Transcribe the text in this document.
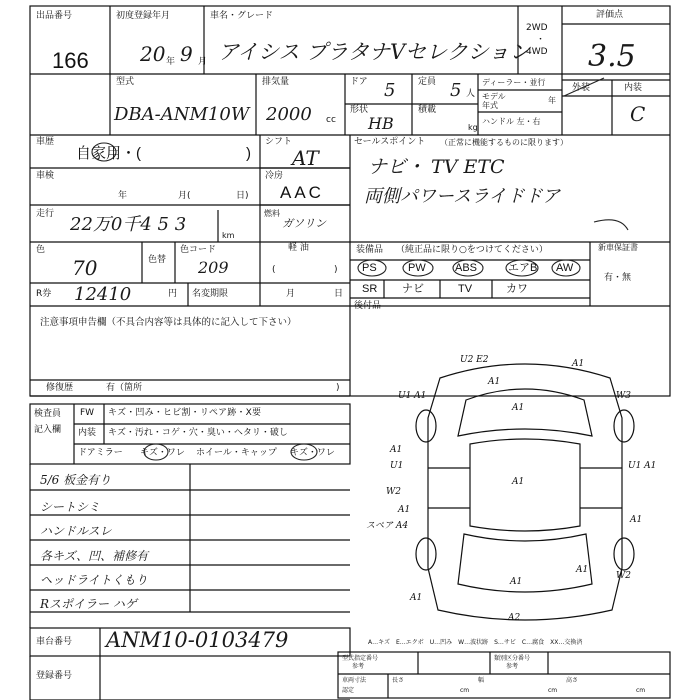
出品番号
166
初度登録年月
20 年 9 月
車名・グレード
アイシス プラタナVセレクション
2WD
・
4WD
評価点
3.5
外装	内装
C
型式
DBA-ANM10W
排気量
2000 cc
ドア 5	定員 5 人
形状
HB
積載
kg
ディーラー・並行
モデル
年式
年
ハンドル 左・右
車歴
自家用・(	)
シフト
AT
セールスポイント （正常に機能するものに限ります）
ナビ・ TV ETC
両側パワースライドドア
車検
年	月(	日)
冷房
AAC
走行 22万0千4 5 3
km
燃料
ガソリン
軽 油
(	)
色
70	色替
色コード
209
装備品 （純正品に限り○をつけてください）	新車保証書
有・無
PS	PW	ABS	エアB AW
SR ナビ	TV	カワ
R券 12410	円 名変期限	月	日
後付品
注意事項申告欄（不具合内容等は具体的に記入して下さい）
修復歴	有（箇所	)
検査員
記入欄
FW キズ・凹み・ヒビ割・リペア跡・X要
内装 キズ・汚れ・コゲ・穴・臭い・ヘタリ・破し
ドアミラー キズ・ワレ ホイール・キャップ キズ・ワレ
5/6 板金有り
シートシミ
ハンドルスレ
各キズ、凹、補修有
ヘッドライトくもり
Rスポイラー ハゲ
U2 E2	A1
U1 A1
A1
W3
A1
U1
A1
U1 A1
A1
W2
A1
スペア A4
A1
A1
A1
W2
A1
A2
A…キズ　E…エクボ　U…凹み　W…波状跡　S…サビ　C…腐食　XX…交換済
車台番号 ANM10-0103479
登録番号
型式指定番号
参考
類別区分番号
参考
車両寸法
認定
長さ
cm
幅
cm
高さ
cm
